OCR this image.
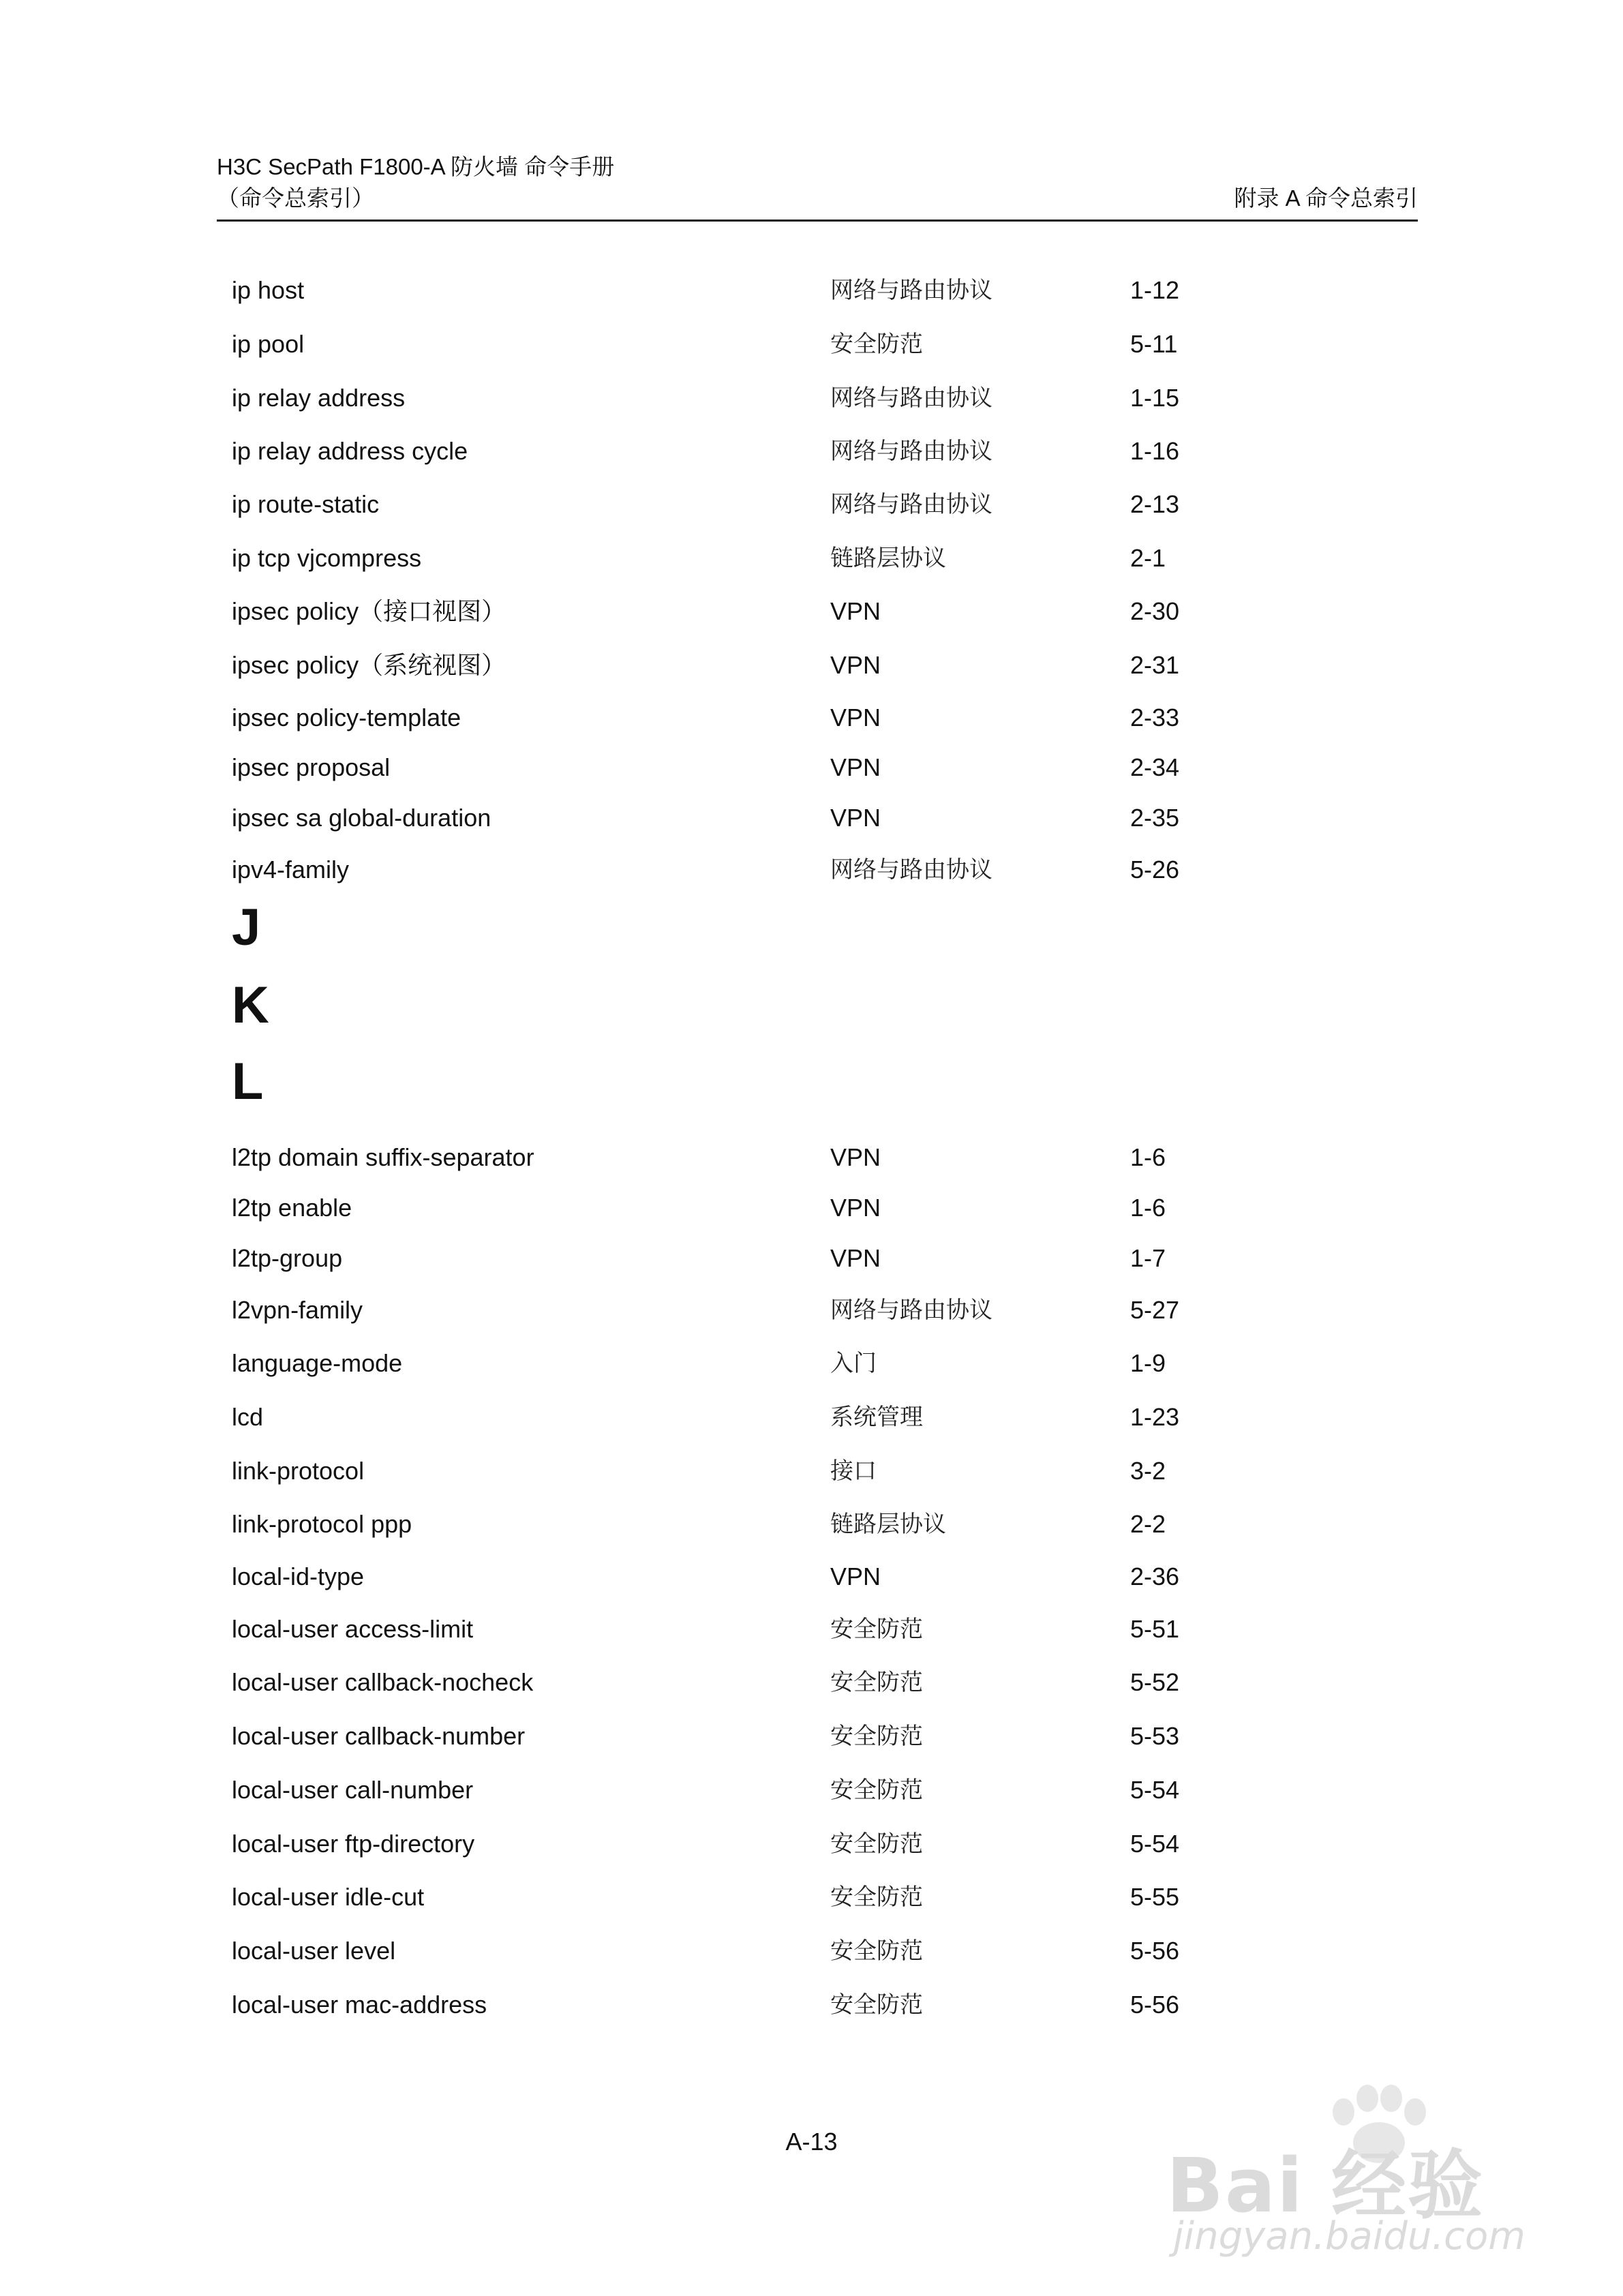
H3C SecPath F1800-A 防火墙 命令手册
（命令总索引）	附录 A 命令总索引
ip host	网络与路由协议	1-12
ip pool	安全防范	5-11
ip relay address	网络与路由协议	1-15
ip relay address cycle	网络与路由协议	1-16
ip route-static	网络与路由协议	2-13
ip tcp vjcompress	链路层协议	2-1
ipsec policy（接口视图）	VPN	2-30
ipsec policy（系统视图）	VPN	2-31
ipsec policy-template	VPN	2-33
ipsec proposal	VPN	2-34
ipsec sa global-duration	VPN	2-35
ipv4-family	网络与路由协议	5-26
l2tp domain suffix-separator	VPN	1-6
l2tp enable	VPN	1-6
l2tp-group	VPN	1-7
l2vpn-family	网络与路由协议	5-27
language-mode	入门	1-9
lcd	系统管理	1-23
link-protocol	接口	3-2
link-protocol ppp	链路层协议	2-2
local-id-type	VPN	2-36
local-user access-limit	安全防范	5-51
local-user callback-nocheck	安全防范	5-52
local-user callback-number	安全防范	5-53
local-user call-number	安全防范	5-54
local-user ftp-directory	安全防范	5-54
local-user idle-cut	安全防范	5-55
local-user level	安全防范	5-56
local-user mac-address	安全防范	5-56
J
K
L
A-13
Bai 经验
jingyan.baidu.com
